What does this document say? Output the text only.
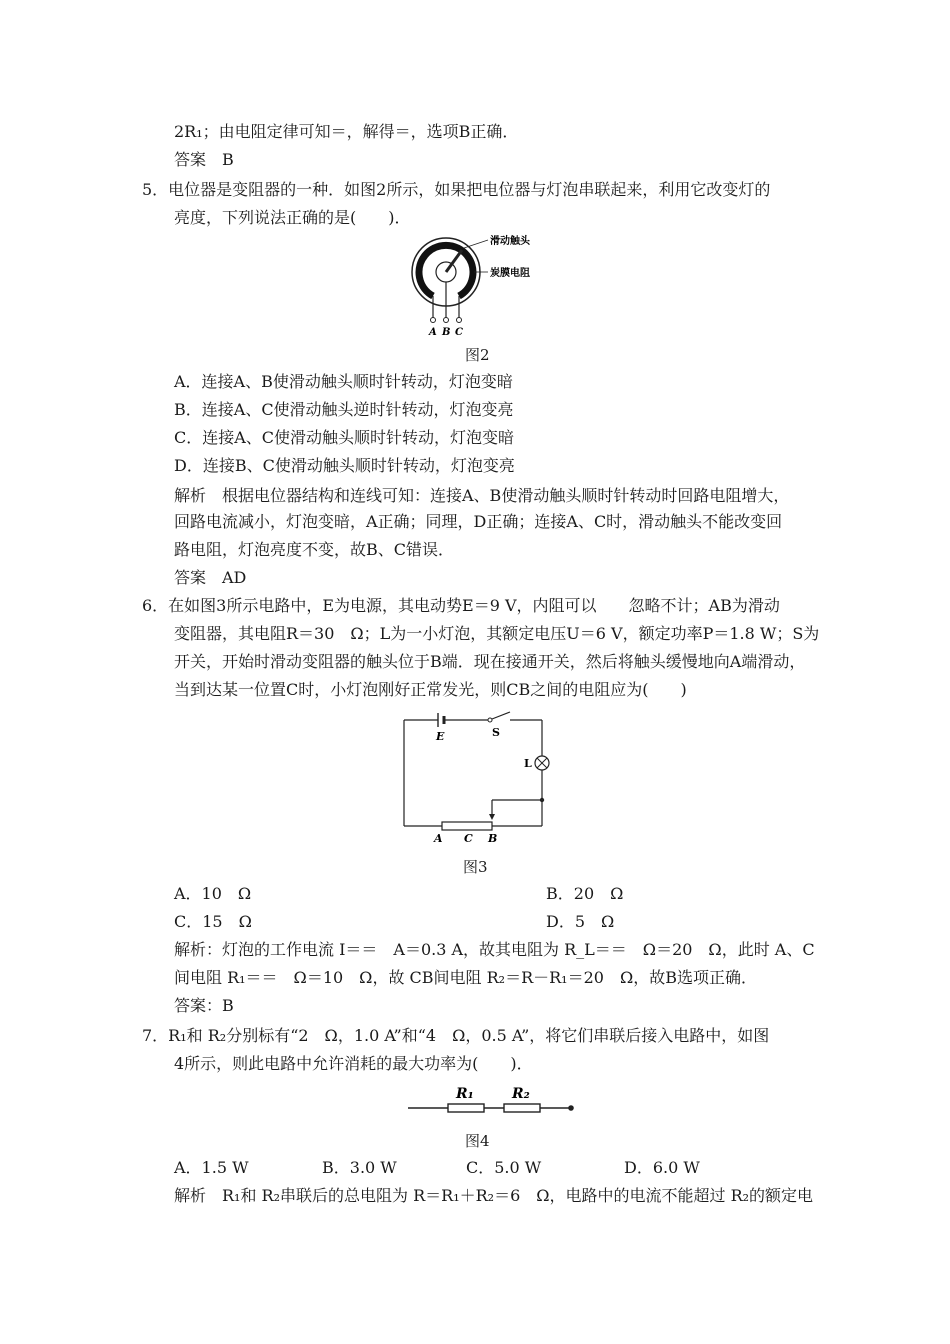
2R₁；由电阻定律可知＝，解得＝，选项B正确．
答案　B
5．电位器是变阻器的一种．如图2所示，如果把电位器与灯泡串联起来，利用它改变灯的
亮度，下列说法正确的是(　　)．
滑动触头
炭膜电阻
A B C
图2
A．连接A、B使滑动触头顺时针转动，灯泡变暗
B．连接A、C使滑动触头逆时针转动，灯泡变亮
C．连接A、C使滑动触头顺时针转动，灯泡变暗
D．连接B、C使滑动触头顺时针转动，灯泡变亮
解析　根据电位器结构和连线可知：连接A、B使滑动触头顺时针转动时回路电阻增大，
回路电流减小，灯泡变暗，A正确；同理，D正确；连接A、C时，滑动触头不能改变回
路电阻，灯泡亮度不变，故B、C错误．
答案　AD
6．在如图3所示电路中，E为电源，其电动势E＝9 V，内阻可以　　忽略不计；AB为滑动
变阻器，其电阻R＝30　Ω；L为一小灯泡，其额定电压U＝6 V，额定功率P＝1.8 W；S为
开关，开始时滑动变阻器的触头位于B端．现在接通开关，然后将触头缓慢地向A端滑动，
当到达某一位置C时，小灯泡刚好正常发光，则CB之间的电阻应为(　　)
E	S
L
A C B
图3
A．10　Ω	B．20　Ω
C．15　Ω	D．5　Ω
解析：灯泡的工作电流 I＝＝　A＝0.3 A，故其电阻为 R_L＝＝　Ω＝20　Ω，此时 A、C
间电阻 R₁＝＝　Ω＝10　Ω，故 CB间电阻 R₂＝R－R₁＝20　Ω，故B选项正确．
答案：B
7．R₁和 R₂分别标有“2　Ω，1.0 A”和“4　Ω，0.5 A”，将它们串联后接入电路中，如图
4所示，则此电路中允许消耗的最大功率为(　　)．
R₁	R₂
图4
A．1.5 W	B．3.0 W	C．5.0 W	D．6.0 W
解析　R₁和 R₂串联后的总电阻为 R＝R₁＋R₂＝6　Ω，电路中的电流不能超过 R₂的额定电
